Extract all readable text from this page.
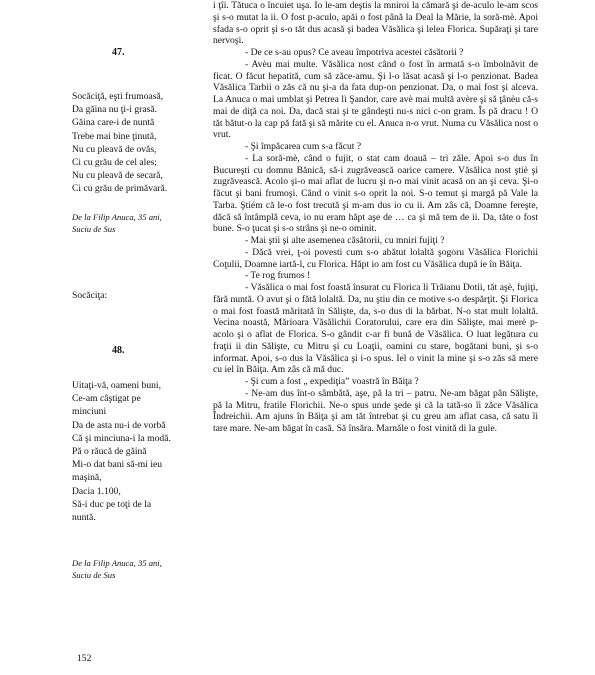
47.
Socăciţă, eşti frumoasă,
Da găina nu ţi-i grasă.
Găina care-i de nuntă
Trebe mai bine ţinută,
Nu cu pleavă de ovăs,
Ci cu grău de cel ales;
Nu cu pleavă de secară,
Ci cu grău de primăvară.
De la Filip Anuca, 35 ani,
Suciu de Sus
Socăciţa:
48.
Uitaţi-vă, oameni buni,
Ce-am câştigat pe
minciuni
Da de asta nu-i de vorbă
Că şi minciuna-i la modă.
Pă o răucă de găină
Mi-o dat bani să-mi ieu
maşină,
Dacia 1.100,
Să-i duc pe toţi de la
nuntă.
De la Filip Anuca, 35 ani,
Suciu de Sus

i ţîi. Tătuca o încuiet uşa. Io le-am deştis la mniroi la cămară şi de-aculo le-am scos şi s-o mutat la ii. O fost p-aculo, apăi o fost până la Deal la Mărie, la soră-mè. Apoi sfada s-o oprit şi s-o tăt dus acasă şi badea Văsălica şi lelea Florica. Supăraţi şi tare nervoşi.

- De ce s-au opus? Ce aveau împotriva acestei căsătorii ?

- Avèu mai multe. Văsălica nost când o fost în armată s-o îmbolnăvit de ficat. O făcut hepatită, cum să zăce-amu. Şi l-o lăsat acasă şi l-o penzionat. Badea Văsălica Tarbii o zăs că nu şi-a da fata dup-on penzionat. Da, o mai fost şi alceva. La Anuca o mai umblat şi Petrea lì Şandor, care avè mai multă avère şi să ţânèu că-s mai de diţă ca noi. Da, dacă stai şi te gândeşti nu-s nici c-on gram. Îs pă dracu ! O tăt bătut-o la cap pă fată şi să mărite cu el. Anuca n-o vrut. Numa cu Văsălica nost o vrut.

- Şi împăcarea cum s-a făcut ?

- La soră-mè, când o fujit, o stat cam doauă – trì zăle. Apoi s-o dus în Bucureşti cu domnu Bănică, să-i zugrăvească oarice camere. Văsălica nost ştiè şi zugrăvească. Acolo şi-o mai aflat de lucru şi n-o mai vinit acasă on an şi ceva. Şi-o făcut şi bani frumoşi. Când o vinit s-o oprit la noi. S-o temut şi margă pă Vale la Tarba. Ştiém că le-o fost trecută şi m-am dus io cu ii. Am zâs că, Doamne fereşte, dăcă să întâmplă ceva, io nu eram hăpt aşe de … ca şi mă tem de ii. Da, tăte o fost bune. S-o ţucat şi s-o strâns şi ne-o ominit.

- Mai ştii şi alte asemenea căsătorii, cu mniri fujiţi ?

- Dăcă vrei, ţ-oi povesti cum s-o abătut lolaltă şogoru Văsălica Florichii Coţulii, Doamne iartă-l, cu Florica. Hăpt io am fost cu Văsălica după ie în Băiţa.

- Te rog frumos !

- Văsălica o mai fost foastă însurat cu Florica lì Trăianu Dotii, tăt aşè, fujiţi, fără nuntă. O avut şi o fătă lolaltă. Da, nu ştiu din ce motive s-o despărţit. Şi Florica o mai fost foastă măritată în Sălişte, da, s-o dus di la bărbat. N-o stat mult lolaltă. Vecina noastă, Mărioara Văsălichii Coratorului, care era din Sălişte, mai merè p-acolo şi o aflat de Florica. S-o gândit c-ar fi bună de Văsălica. O luat legătura cu fraţii ii din Sălişte, cu Mitru şi cu Loaţii, oamini cu stare, bogătani buni, şi s-o informat. Apoi, s-o dus la Văsălica şi i-o spus. Iel o vinit la mine şi s-o zăs să mere cu iel în Băiţa. Am zâs că mă duc.

- Şi cum a fost „ expediţia” voastră în Băiţa ?

- Ne-am dus înt-o sâmbătă, aşe, pă la trì – patru. Ne-am băgat pân Sălişte, pă la Mitru, fratile Florichii. Ne-o spus unde şede şi că la tată-so îi zăce Văsălica Îndreichii. Am ajuns în Băiţa şi am tăt întrebat şi cu greu am aflat casa, că satu îi tare mare. Ne-am băgat în casă. Să însăra. Marnăle o fost vinită di la gule.

152
